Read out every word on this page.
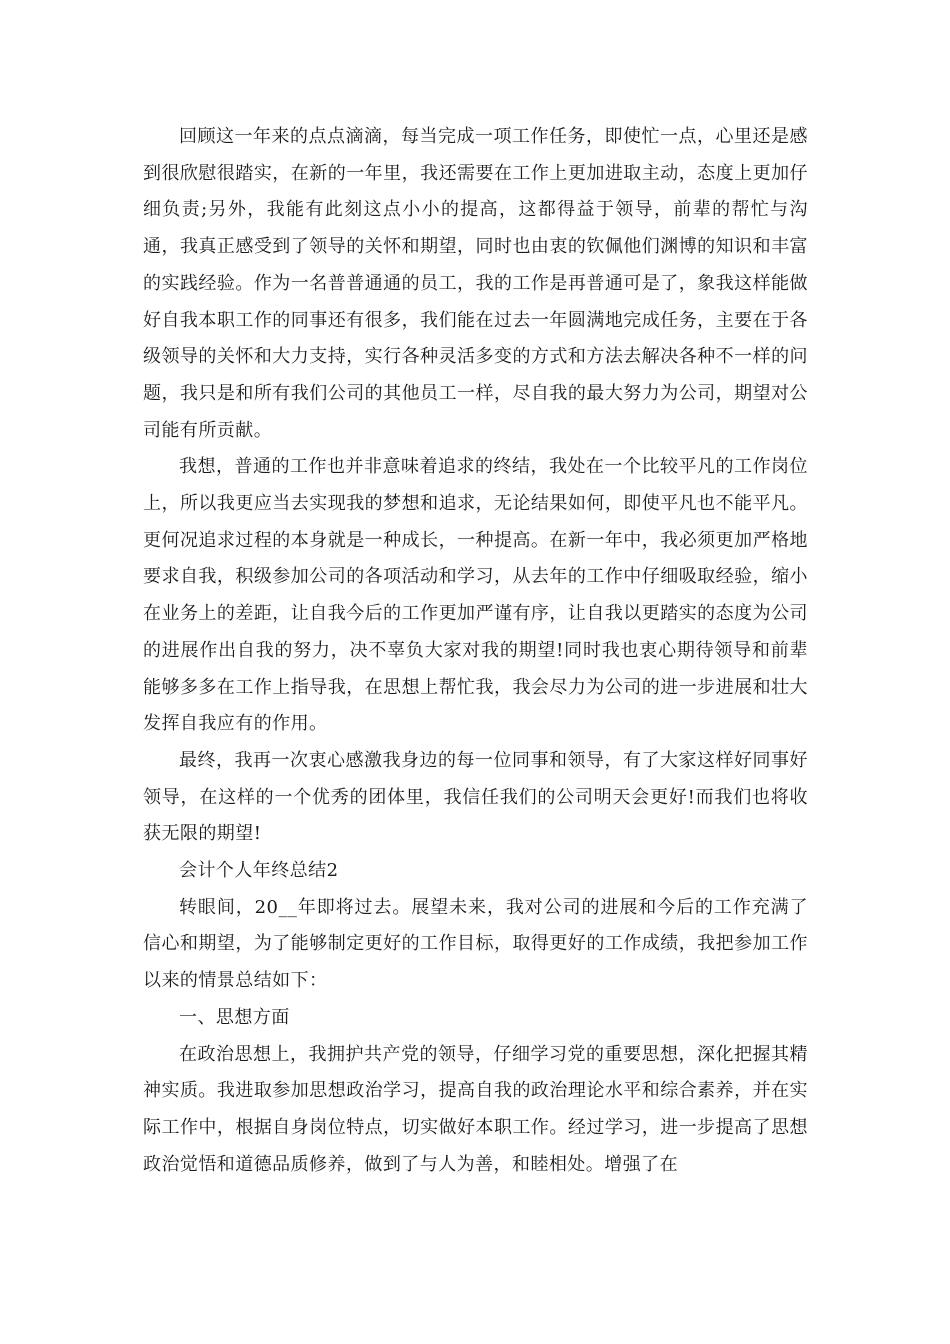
回顾这一年来的点点滴滴，每当完成一项工作任务，即使忙一点，心里还是感到很欣慰很踏实，在新的一年里，我还需要在工作上更加进取主动，态度上更加仔细负责;另外，我能有此刻这点小小的提高，这都得益于领导，前辈的帮忙与沟通，我真正感受到了领导的关怀和期望，同时也由衷的钦佩他们渊博的知识和丰富的实践经验。作为一名普普通通的员工，我的工作是再普通可是了，象我这样能做好自我本职工作的同事还有很多，我们能在过去一年圆满地完成任务，主要在于各级领导的关怀和大力支持，实行各种灵活多变的方式和方法去解决各种不一样的问题，我只是和所有我们公司的其他员工一样，尽自我的最大努力为公司，期望对公司能有所贡献。

我想，普通的工作也并非意味着追求的终结，我处在一个比较平凡的工作岗位上，所以我更应当去实现我的梦想和追求，无论结果如何，即使平凡也不能平凡。更何况追求过程的本身就是一种成长，一种提高。在新一年中，我必须更加严格地要求自我，积级参加公司的各项活动和学习，从去年的工作中仔细吸取经验，缩小在业务上的差距，让自我今后的工作更加严谨有序，让自我以更踏实的态度为公司的进展作出自我的努力，决不辜负大家对我的期望!同时我也衷心期待领导和前辈能够多多在工作上指导我，在思想上帮忙我，我会尽力为公司的进一步进展和壮大发挥自我应有的作用。

最终，我再一次衷心感激我身边的每一位同事和领导，有了大家这样好同事好领导，在这样的一个优秀的团体里，我信任我们的公司明天会更好!而我们也将收获无限的期望!

会计个人年终总结2

转眼间，20__年即将过去。展望未来，我对公司的进展和今后的工作充满了信心和期望，为了能够制定更好的工作目标，取得更好的工作成绩，我把参加工作以来的情景总结如下：

一、思想方面

在政治思想上，我拥护共产党的领导，仔细学习党的重要思想，深化把握其精神实质。我进取参加思想政治学习，提高自我的政治理论水平和综合素养，并在实际工作中，根据自身岗位特点，切实做好本职工作。经过学习，进一步提高了思想政治觉悟和道德品质修养，做到了与人为善，和睦相处。增强了在
